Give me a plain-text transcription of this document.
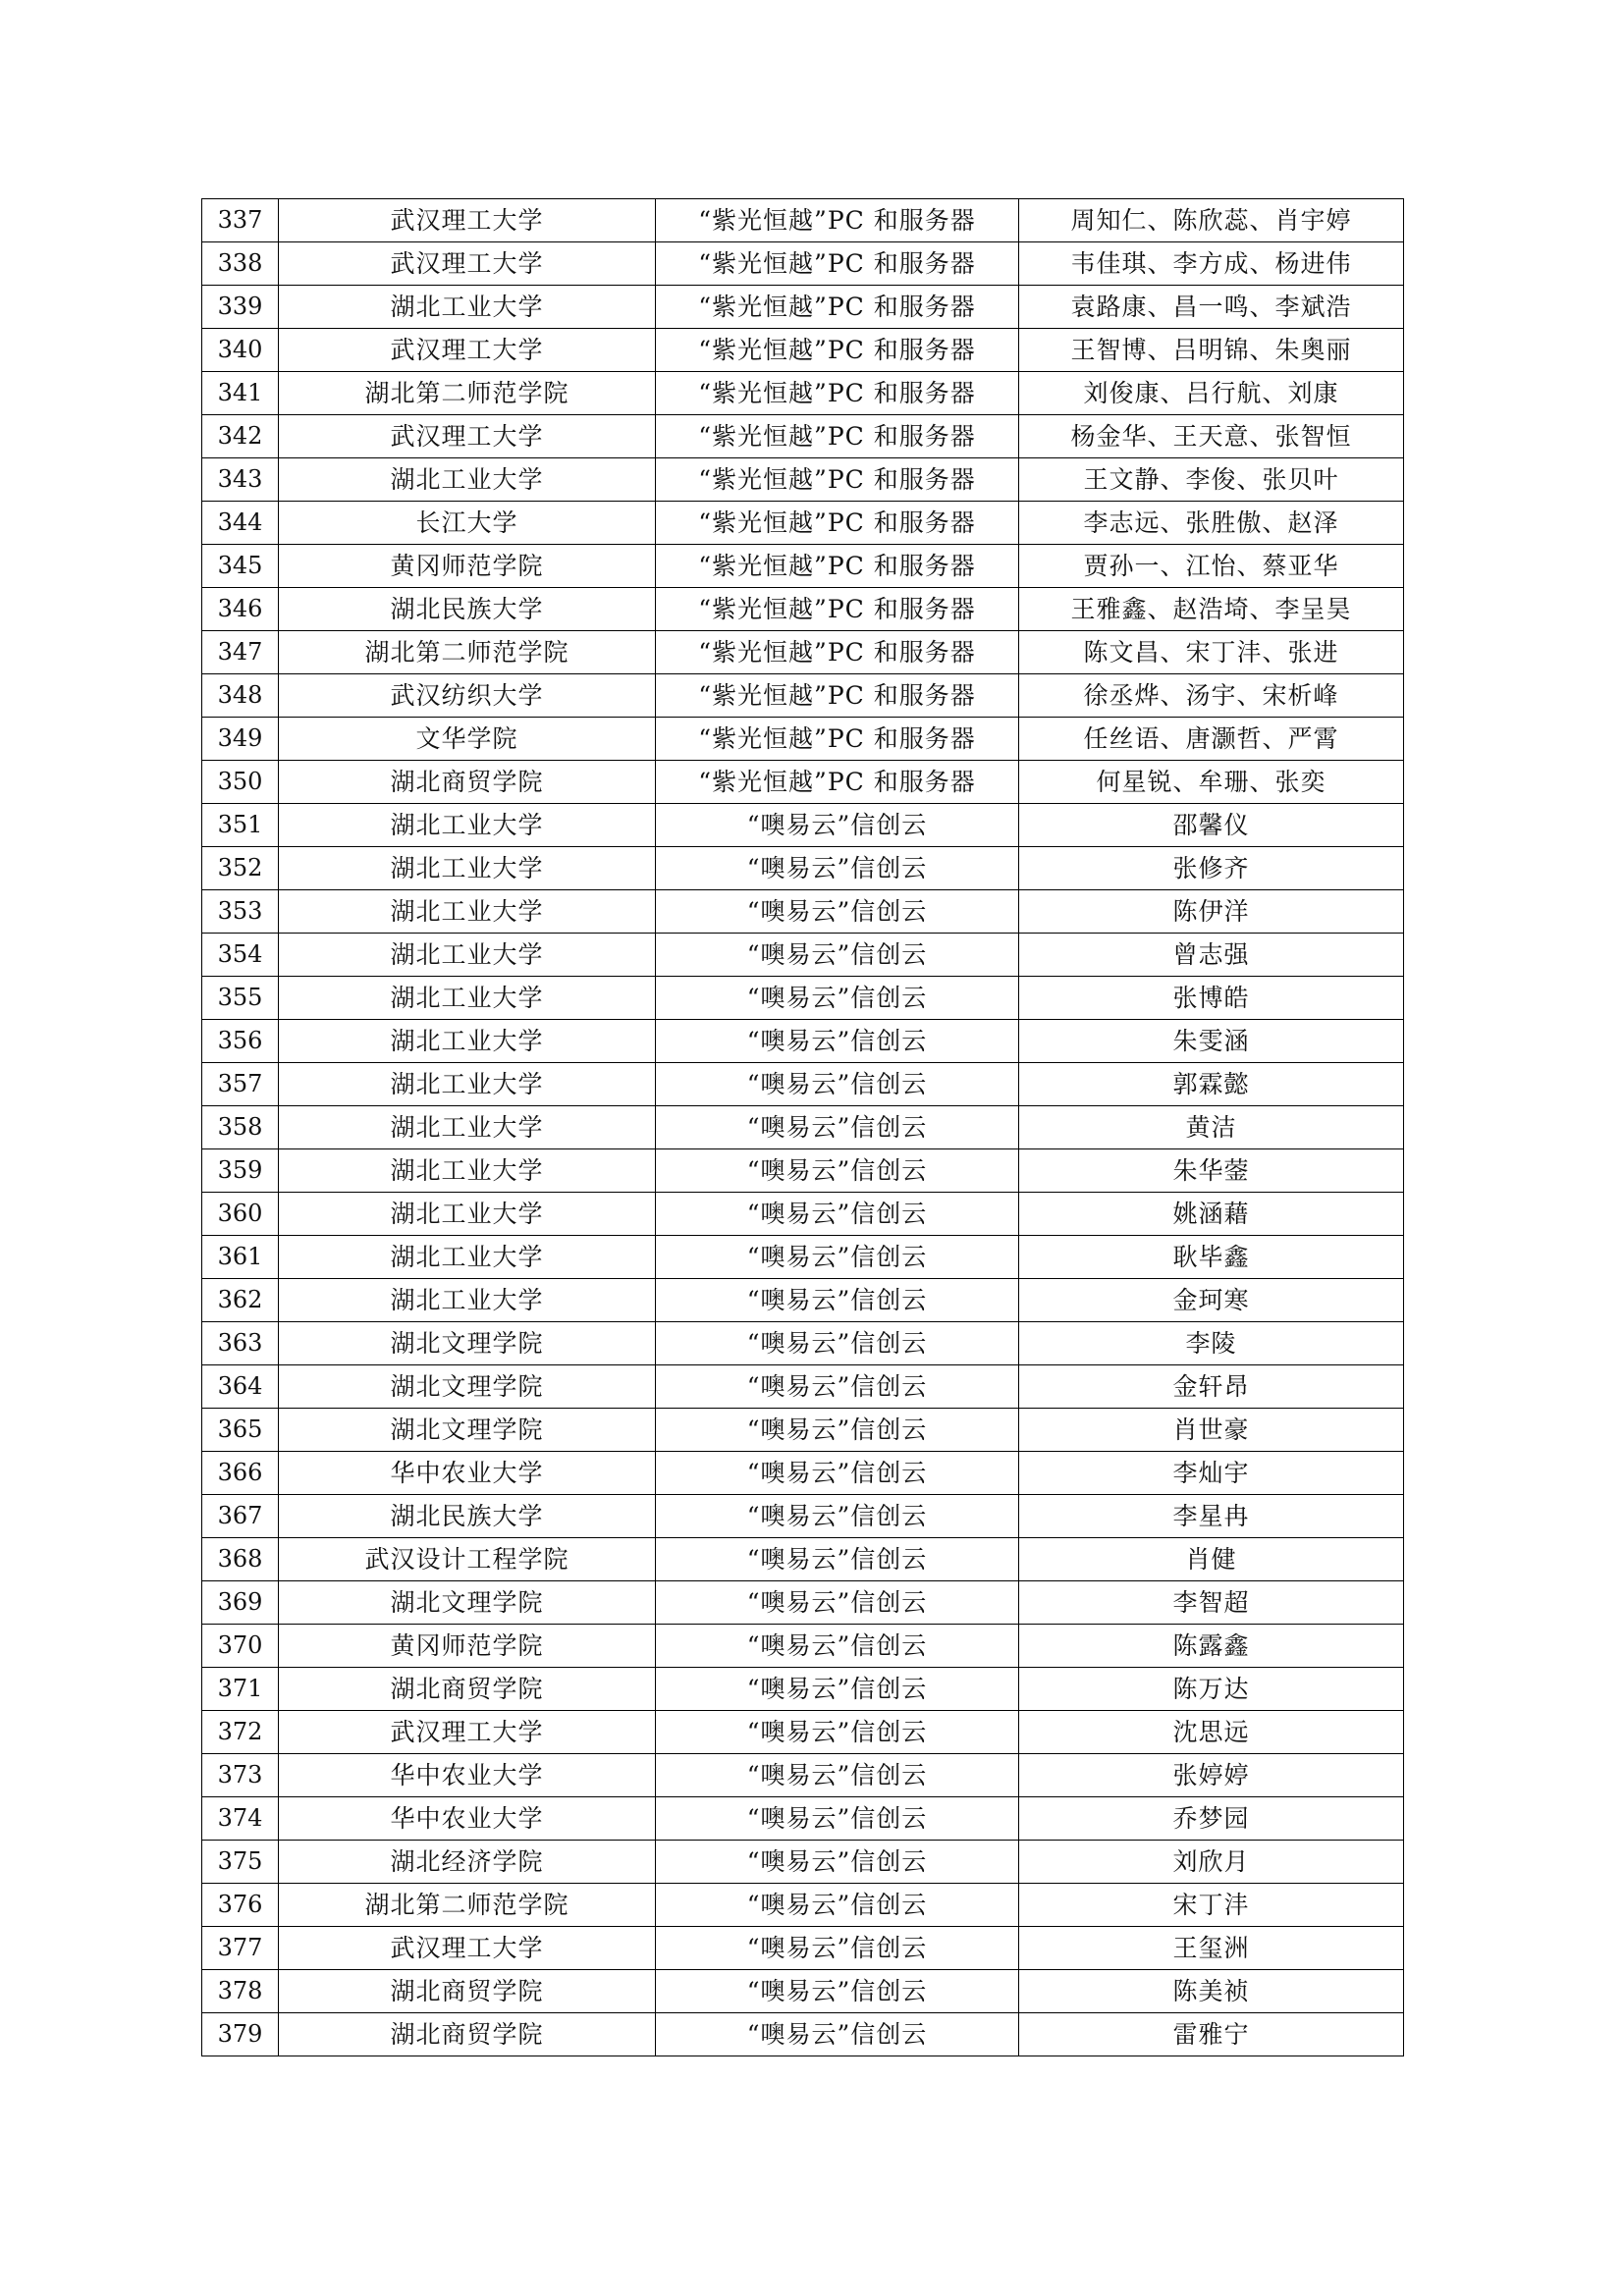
337	武汉理工大学	“紫光恒越”PC 和服务器	周知仁、陈欣蕊、肖宇婷
338	武汉理工大学	“紫光恒越”PC 和服务器	韦佳琪、李方成、杨进伟
339	湖北工业大学	“紫光恒越”PC 和服务器	袁路康、昌一鸣、李斌浩
340	武汉理工大学	“紫光恒越”PC 和服务器	王智博、吕明锦、朱奥丽
341	湖北第二师范学院	“紫光恒越”PC 和服务器	刘俊康、吕行航、刘康
342	武汉理工大学	“紫光恒越”PC 和服务器	杨金华、王天意、张智恒
343	湖北工业大学	“紫光恒越”PC 和服务器	王文静、李俊、张贝叶
344	长江大学	“紫光恒越”PC 和服务器	李志远、张胜傲、赵泽
345	黄冈师范学院	“紫光恒越”PC 和服务器	贾孙一、江怡、蔡亚华
346	湖北民族大学	“紫光恒越”PC 和服务器	王雅鑫、赵浩埼、李呈昊
347	湖北第二师范学院	“紫光恒越”PC 和服务器	陈文昌、宋丁沣、张进
348	武汉纺织大学	“紫光恒越”PC 和服务器	徐丞烨、汤宇、宋析峰
349	文华学院	“紫光恒越”PC 和服务器	任丝语、唐灏哲、严霄
350	湖北商贸学院	“紫光恒越”PC 和服务器	何星锐、牟珊、张奕
351	湖北工业大学	“噢易云”信创云	邵馨仪
352	湖北工业大学	“噢易云”信创云	张修齐
353	湖北工业大学	“噢易云”信创云	陈伊洋
354	湖北工业大学	“噢易云”信创云	曾志强
355	湖北工业大学	“噢易云”信创云	张博皓
356	湖北工业大学	“噢易云”信创云	朱雯涵
357	湖北工业大学	“噢易云”信创云	郭霖懿
358	湖北工业大学	“噢易云”信创云	黄洁
359	湖北工业大学	“噢易云”信创云	朱华蓥
360	湖北工业大学	“噢易云”信创云	姚涵藉
361	湖北工业大学	“噢易云”信创云	耿毕鑫
362	湖北工业大学	“噢易云”信创云	金珂寒
363	湖北文理学院	“噢易云”信创云	李陵
364	湖北文理学院	“噢易云”信创云	金轩昂
365	湖北文理学院	“噢易云”信创云	肖世豪
366	华中农业大学	“噢易云”信创云	李灿宇
367	湖北民族大学	“噢易云”信创云	李星冉
368	武汉设计工程学院	“噢易云”信创云	肖健
369	湖北文理学院	“噢易云”信创云	李智超
370	黄冈师范学院	“噢易云”信创云	陈露鑫
371	湖北商贸学院	“噢易云”信创云	陈万达
372	武汉理工大学	“噢易云”信创云	沈思远
373	华中农业大学	“噢易云”信创云	张婷婷
374	华中农业大学	“噢易云”信创云	乔梦园
375	湖北经济学院	“噢易云”信创云	刘欣月
376	湖北第二师范学院	“噢易云”信创云	宋丁沣
377	武汉理工大学	“噢易云”信创云	王玺洲
378	湖北商贸学院	“噢易云”信创云	陈美祯
379	湖北商贸学院	“噢易云”信创云	雷雅宁
